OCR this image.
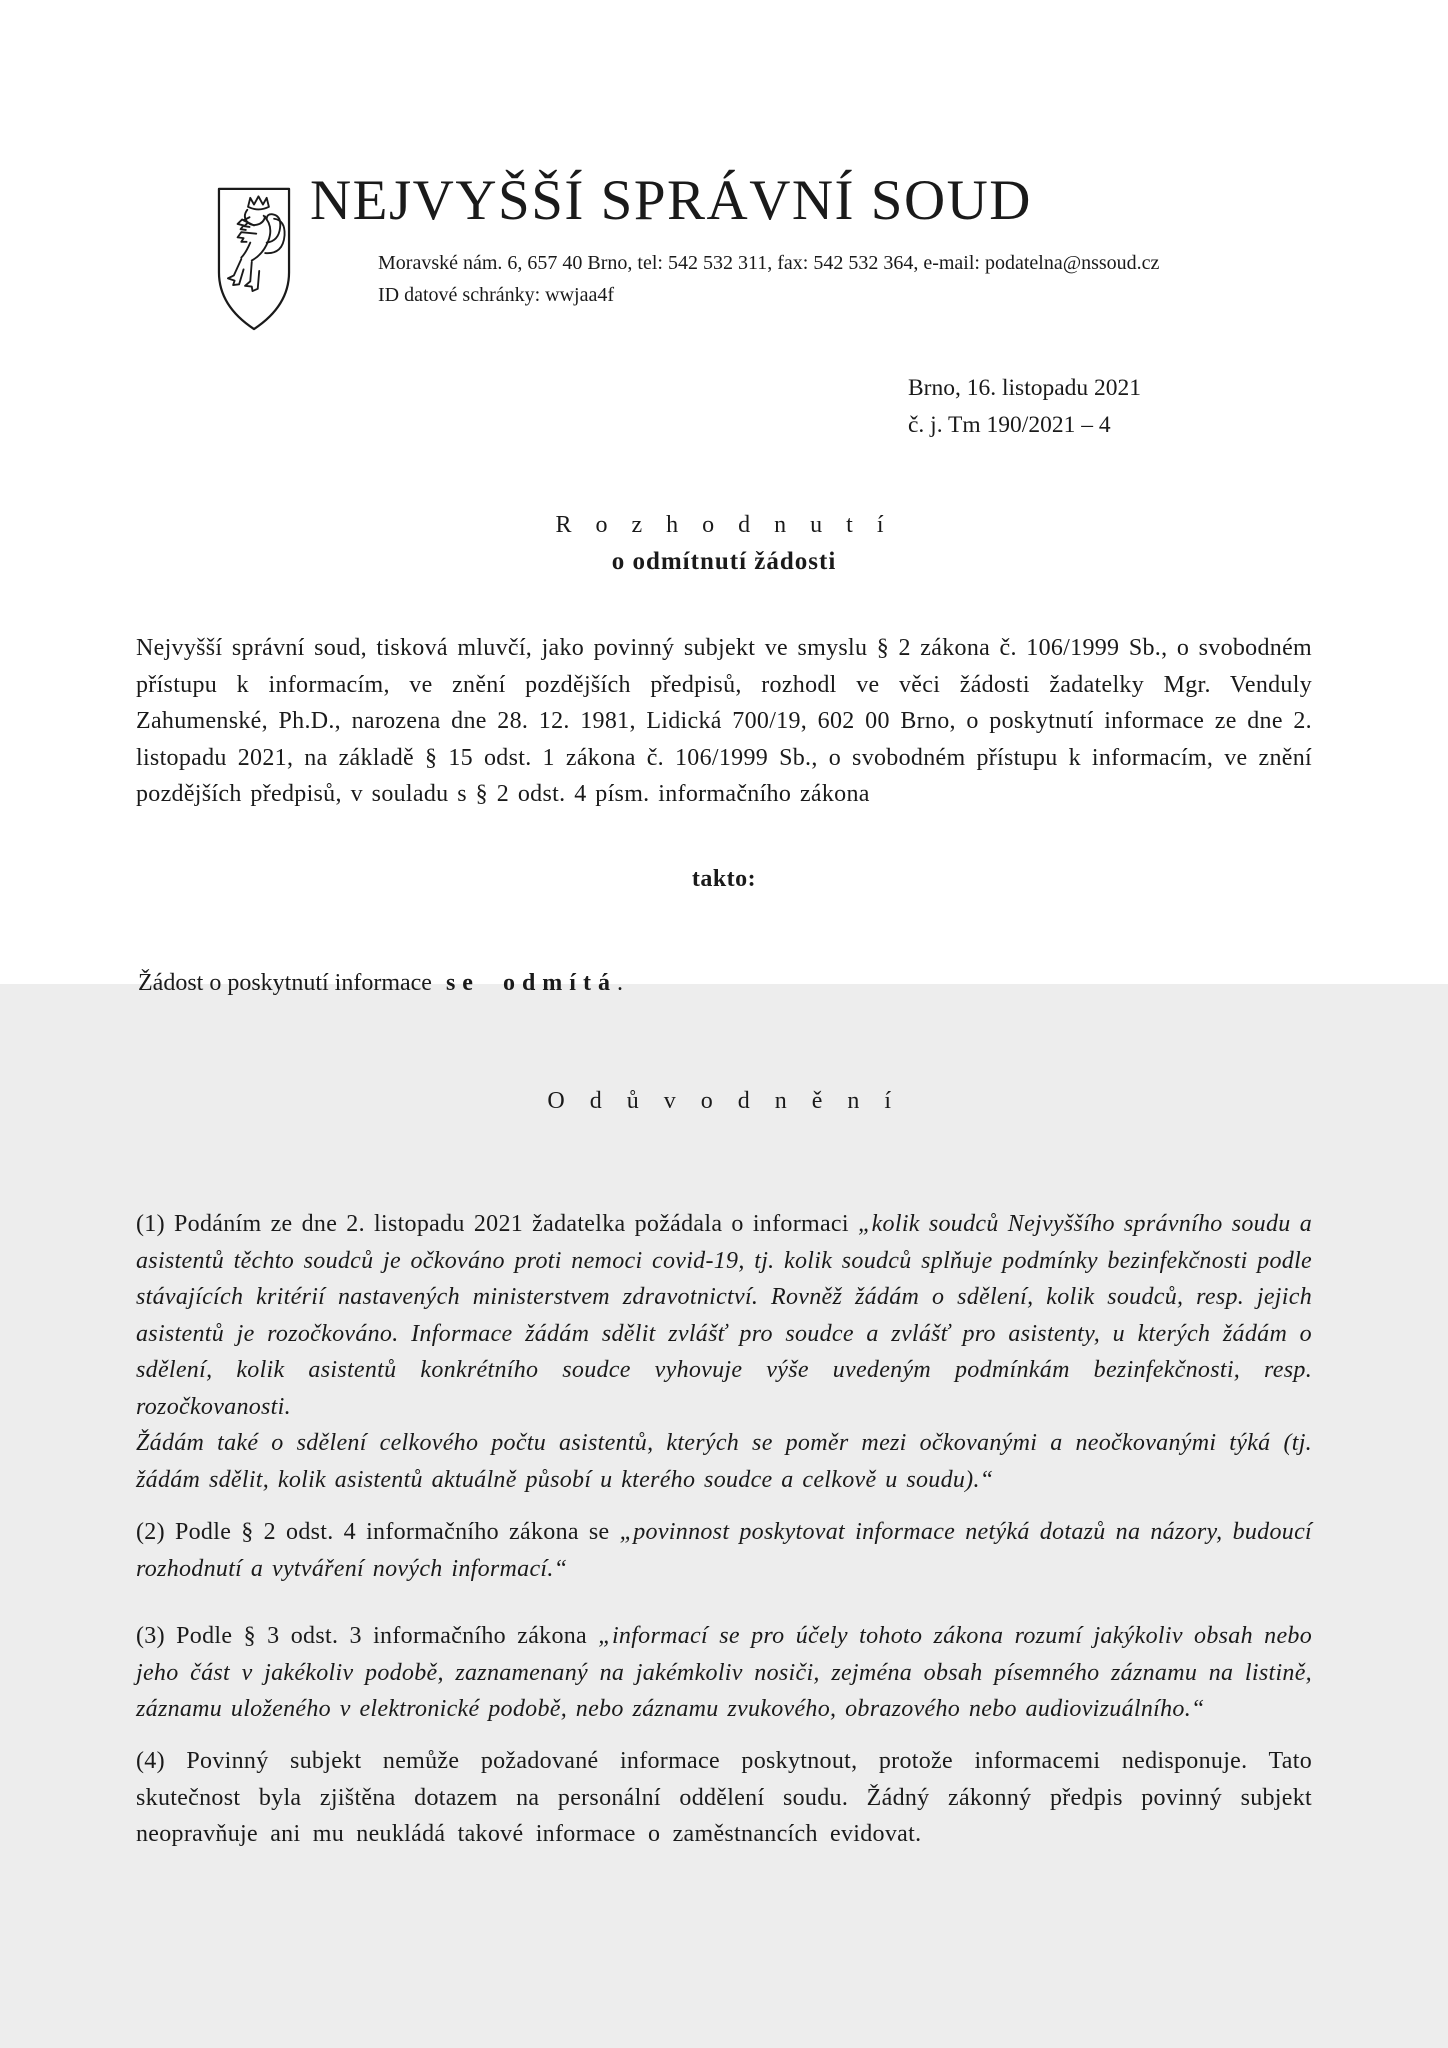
NEJVYŠŠÍ SPRÁVNÍ SOUD
Moravské nám. 6, 657 40 Brno, tel: 542 532 311, fax: 542 532 364, e-mail: podatelna@nssoud.cz
ID datové schránky: wwjaa4f
Brno, 16. listopadu 2021
č. j. Tm 190/2021 – 4
R o z h o d n u t í
o odmítnutí žádosti

Nejvyšší správní soud, tisková mluvčí, jako povinný subjekt ve smyslu § 2 zákona č. 106/1999 Sb., o svobodném přístupu k informacím, ve znění pozdějších předpisů, rozhodl ve věci žádosti žadatelky Mgr. Venduly Zahumenské, Ph.D., narozena dne 28. 12. 1981, Lidická 700/19, 602 00 Brno, o poskytnutí informace ze dne 2. listopadu 2021, na základě § 15 odst. 1 zákona č. 106/1999 Sb., o svobodném přístupu k informacím, ve znění pozdějších předpisů, v souladu s § 2 odst. 4 písm. informačního zákona

takto:

Žádost o poskytnutí informace se odmítá.

O d ů v o d n ě n í

(1) Podáním ze dne 2. listopadu 2021 žadatelka požádala o informaci „kolik soudců Nejvyššího správního soudu a asistentů těchto soudců je očkováno proti nemoci covid-19, tj. kolik soudců splňuje podmínky bezinfekčnosti podle stávajících kritérií nastavených ministerstvem zdravotnictví. Rovněž žádám o sdělení, kolik soudců, resp. jejich asistentů je rozočkováno. Informace žádám sdělit zvlášť pro soudce a zvlášť pro asistenty, u kterých žádám o sdělení, kolik asistentů konkrétního soudce vyhovuje výše uvedeným podmínkám bezinfekčnosti, resp. rozočkovanosti.
Žádám také o sdělení celkového počtu asistentů, kterých se poměr mezi očkovanými a neočkovanými týká (tj. žádám sdělit, kolik asistentů aktuálně působí u kterého soudce a celkově u soudu).“

(2) Podle § 2 odst. 4 informačního zákona se „povinnost poskytovat informace netýká dotazů na názory, budoucí rozhodnutí a vytváření nových informací.“

(3) Podle § 3 odst. 3 informačního zákona „informací se pro účely tohoto zákona rozumí jakýkoliv obsah nebo jeho část v jakékoliv podobě, zaznamenaný na jakémkoliv nosiči, zejména obsah písemného záznamu na listině, záznamu uloženého v elektronické podobě, nebo záznamu zvukového, obrazového nebo audiovizuálního.“

(4) Povinný subjekt nemůže požadované informace poskytnout, protože informacemi nedisponuje. Tato skutečnost byla zjištěna dotazem na personální oddělení soudu. Žádný zákonný předpis povinný subjekt neopravňuje ani mu neukládá takové informace o zaměstnancích evidovat.
